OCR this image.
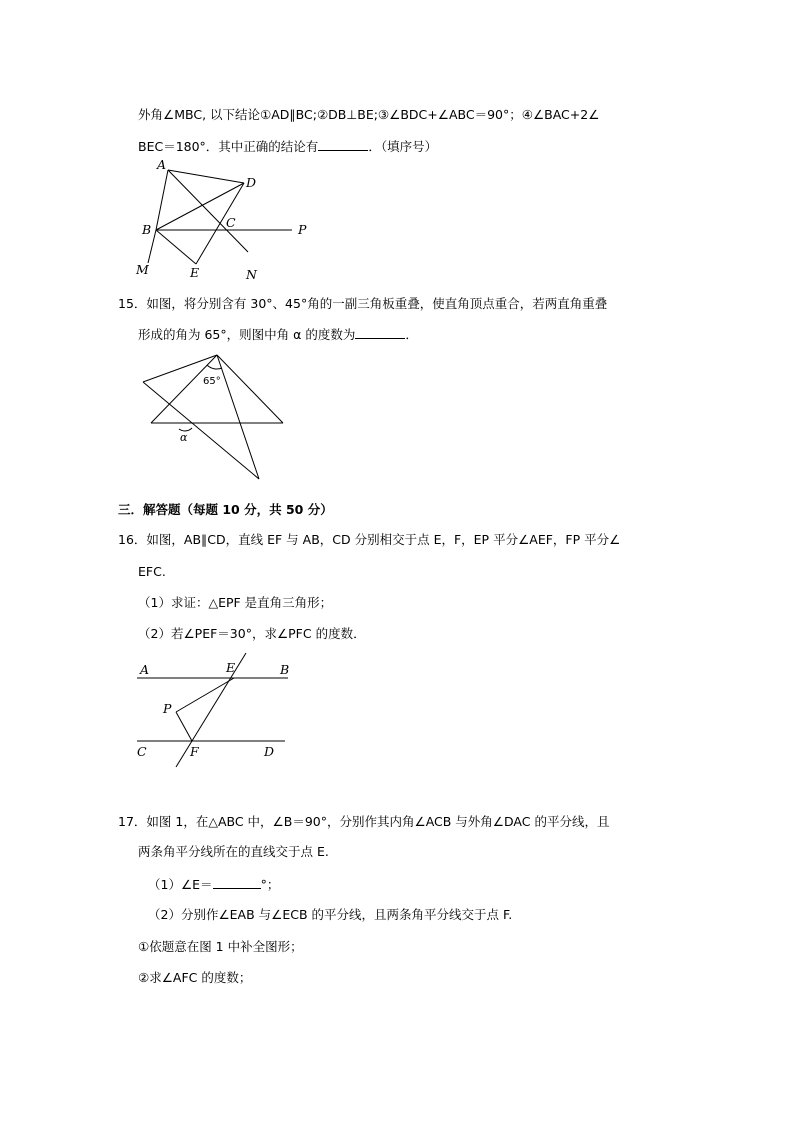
外角∠MBC, 以下结论①AD∥BC;②DB⊥BE;③∠BDC+∠ABC＝90°；④∠BAC+2∠
BEC＝180°．其中正确的结论有	．（填序号）
A
D
B	C	P
M	E	N
15．如图，将分别含有 30°、45°角的一副三角板重叠，使直角顶点重合，若两直角重叠
形成的角为 65°，则图中角 α 的度数为	．
65°
α
三．解答题（每题 10 分，共 50 分）
16．如图，AB∥CD，直线 EF 与 AB，CD 分别相交于点 E，F，EP 平分∠AEF，FP 平分∠
EFC.
（1）求证：△EPF 是直角三角形；
（2）若∠PEF＝30°，求∠PFC 的度数．
A	E	B
P
C	F	D
17．如图 1，在△ABC 中，∠B＝90°，分别作其内角∠ACB 与外角∠DAC 的平分线，且
两条角平分线所在的直线交于点 E.
（1）∠E＝	°；
（2）分别作∠EAB 与∠ECB 的平分线，且两条角平分线交于点 F.
①依题意在图 1 中补全图形；
②求∠AFC 的度数；
